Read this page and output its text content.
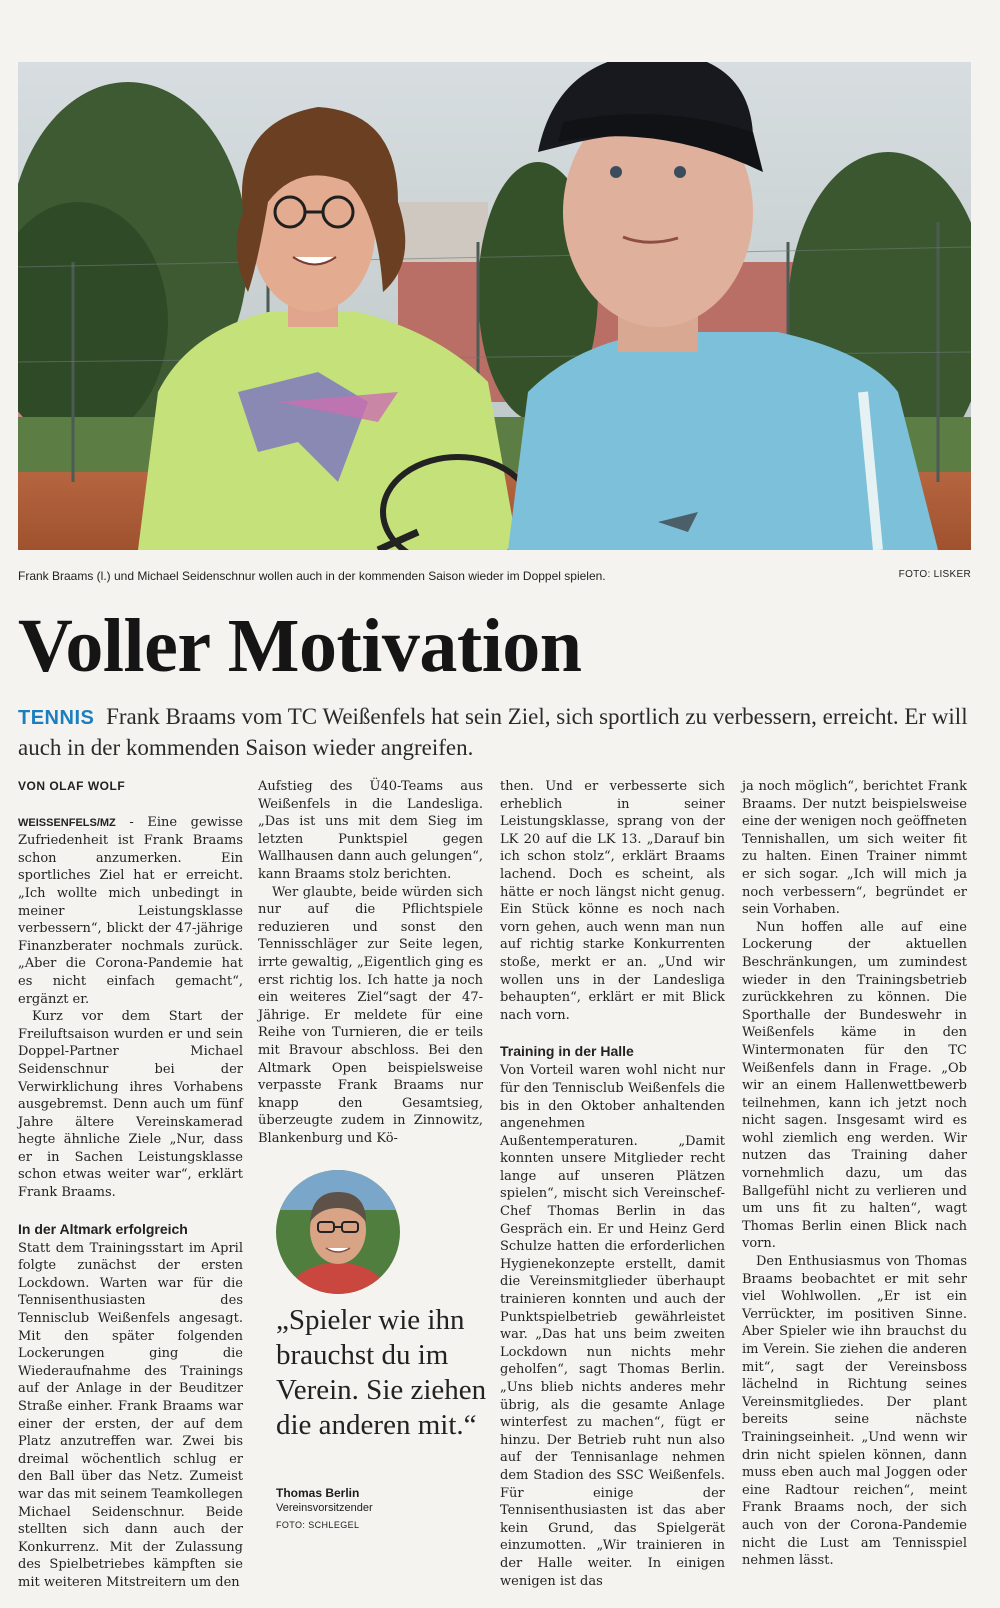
Frank Braams (l.) und Michael Seidenschnur wollen auch in der kommenden Saison wieder im Doppel spielen.	FOTO: LISKER
Voller Motivation

TENNIS Frank Braams vom TC Weißenfels hat sein Ziel, sich sportlich zu verbessern, erreicht. Er will auch in der kommenden Saison wieder angreifen.

VON OLAF WOLF

WEISSENFELS/MZ - Eine gewisse Zufriedenheit ist Frank Braams schon anzumerken. Ein sportliches Ziel hat er erreicht. „Ich wollte mich unbedingt in meiner Leistungsklasse verbessern“, blickt der 47-jährige Finanzberater nochmals zurück. „Aber die Corona-Pandemie hat es nicht einfach gemacht“, ergänzt er.

Kurz vor dem Start der Freiluftsaison wurden er und sein Doppel-Partner Michael Seidenschnur bei der Verwirklichung ihres Vorhabens ausgebremst. Denn auch um fünf Jahre ältere Vereinskamerad hegte ähnliche Ziele „Nur, dass er in Sachen Leistungsklasse schon etwas weiter war“, erklärt Frank Braams.

In der Altmark erfolgreich

Statt dem Trainingsstart im April folgte zunächst der ersten Lockdown. Warten war für die Tennisenthusiasten des Tennisclub Weißenfels angesagt. Mit den später folgenden Lockerungen ging die Wiederaufnahme des Trainings auf der Anlage in der Beuditzer Straße einher. Frank Braams war einer der ersten, der auf dem Platz anzutreffen war. Zwei bis dreimal wöchentlich schlug er den Ball über das Netz. Zumeist war das mit seinem Teamkollegen Michael Seidenschnur. Beide stellten sich dann auch der Konkurrenz. Mit der Zulassung des Spielbetriebes kämpften sie mit weiteren Mitstreitern um den

Aufstieg des Ü40-Teams aus Weißenfels in die Landesliga. „Das ist uns mit dem Sieg im letzten Punktspiel gegen Wallhausen dann auch gelungen“, kann Braams stolz berichten.

Wer glaubte, beide würden sich nur auf die Pflichtspiele reduzieren und sonst den Tennisschläger zur Seite legen, irrte gewaltig, „Eigentlich ging es erst richtig los. Ich hatte ja noch ein weiteres Ziel“sagt der 47-Jährige. Er meldete für eine Reihe von Turnieren, die er teils mit Bravour abschloss. Bei den Altmark Open beispielsweise verpasste Frank Braams nur knapp den Gesamtsieg, überzeugte zudem in Zinnowitz, Blankenburg und Kö-

„Spieler wie ihn brauchst du im Verein. Sie ziehen die anderen mit.“

Thomas Berlin
Vereinsvorsitzender
FOTO: SCHLEGEL

then. Und er verbesserte sich erheblich in seiner Leistungsklasse, sprang von der LK 20 auf die LK 13. „Darauf bin ich schon stolz“, erklärt Braams lachend. Doch es scheint, als hätte er noch längst nicht genug. Ein Stück könne es noch nach vorn gehen, auch wenn man nun auf richtig starke Konkurrenten stoße, merkt er an. „Und wir wollen uns in der Landesliga behaupten“, erklärt er mit Blick nach vorn.

Training in der Halle

Von Vorteil waren wohl nicht nur für den Tennisclub Weißenfels die bis in den Oktober anhaltenden angenehmen Außentemperaturen. „Damit konnten unsere Mitglieder recht lange auf unseren Plätzen spielen“, mischt sich Vereinschef-Chef Thomas Berlin in das Gespräch ein. Er und Heinz Gerd Schulze hatten die erforderlichen Hygienekonzepte erstellt, damit die Vereinsmitglieder überhaupt trainieren konnten und auch der Punktspielbetrieb gewährleistet war. „Das hat uns beim zweiten Lockdown nun nichts mehr geholfen“, sagt Thomas Berlin. „Uns blieb nichts anderes mehr übrig, als die gesamte Anlage winterfest zu machen“, fügt er hinzu. Der Betrieb ruht nun also auf der Tennisanlage nehmen dem Stadion des SSC Weißenfels. Für einige der Tennisenthusiasten ist das aber kein Grund, das Spielgerät einzumotten. „Wir trainieren in der Halle weiter. In einigen wenigen ist das

ja noch möglich“, berichtet Frank Braams. Der nutzt beispielsweise eine der wenigen noch geöffneten Tennishallen, um sich weiter fit zu halten. Einen Trainer nimmt er sich sogar. „Ich will mich ja noch verbessern“, begründet er sein Vorhaben.

Nun hoffen alle auf eine Lockerung der aktuellen Beschränkungen, um zumindest wieder in den Trainingsbetrieb zurückkehren zu können. Die Sporthalle der Bundeswehr in Weißenfels käme in den Wintermonaten für den TC Weißenfels dann in Frage. „Ob wir an einem Hallenwettbewerb teilnehmen, kann ich jetzt noch nicht sagen. Insgesamt wird es wohl ziemlich eng werden. Wir nutzen das Training daher vornehmlich dazu, um das Ballgefühl nicht zu verlieren und um uns fit zu halten“, wagt Thomas Berlin einen Blick nach vorn.

Den Enthusiasmus von Thomas Braams beobachtet er mit sehr viel Wohlwollen. „Er ist ein Verrückter, im positiven Sinne. Aber Spieler wie ihn brauchst du im Verein. Sie ziehen die anderen mit“, sagt der Vereinsboss lächelnd in Richtung seines Vereinsmitgliedes. Der plant bereits seine nächste Trainingseinheit. „Und wenn wir drin nicht spielen können, dann muss eben auch mal Joggen oder eine Radtour reichen“, meint Frank Braams noch, der sich auch von der Corona-Pandemie nicht die Lust am Tennisspiel nehmen lässt.
